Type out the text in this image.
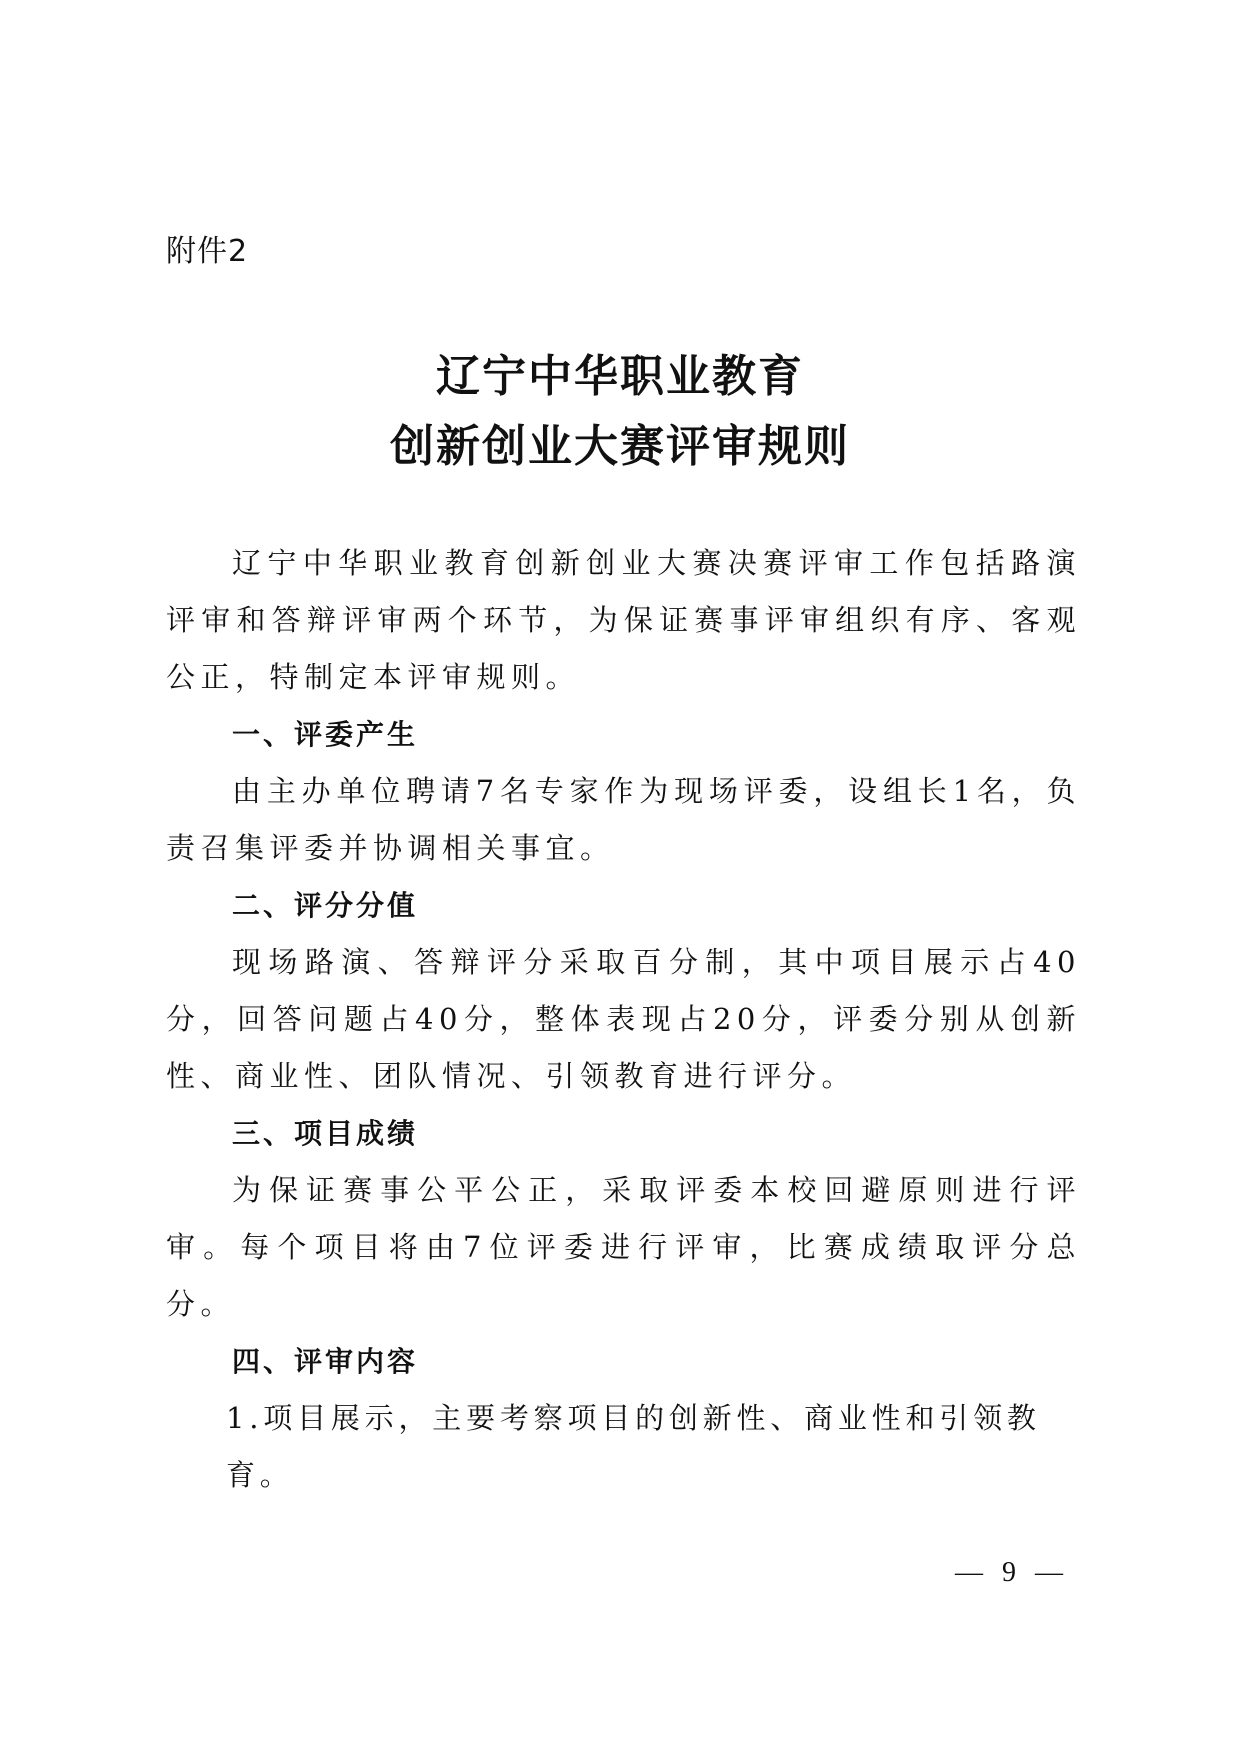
附件2
辽宁中华职业教育
创新创业大赛评审规则

辽宁中华职业教育创新创业大赛决赛评审工作包括路演评审和答辩评审两个环节，为保证赛事评审组织有序、客观公正，特制定本评审规则。

一、评委产生

由主办单位聘请7名专家作为现场评委，设组长1名，负责召集评委并协调相关事宜。

二、评分分值

现场路演、答辩评分采取百分制，其中项目展示占40分，回答问题占40分，整体表现占20分，评委分别从创新性、商业性、团队情况、引领教育进行评分。

三、项目成绩

为保证赛事公平公正，采取评委本校回避原则进行评审。每个项目将由7位评委进行评审，比赛成绩取评分总分。

四、评审内容

1.项目展示，主要考察项目的创新性、商业性和引领教育。

— 9 —
